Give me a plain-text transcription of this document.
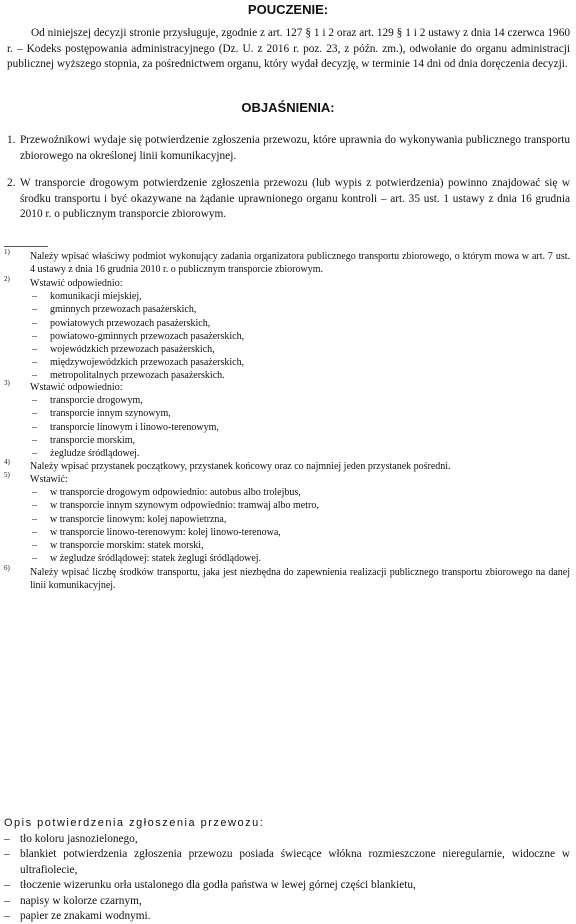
POUCZENIE:
Od niniejszej decyzji stronie przysługuje, zgodnie z art. 127 § 1 i 2 oraz art. 129 § 1 i 2 ustawy z dnia 14 czerwca 1960 r. – Kodeks postępowania administracyjnego (Dz. U. z 2016 r. poz. 23, z późn. zm.), odwołanie do organu administracji publicznej wyższego stopnia, za pośrednictwem organu, który wydał decyzję, w terminie 14 dni od dnia doręczenia decyzji.
OBJAŚNIENIA:
1. Przewoźnikowi wydaje się potwierdzenie zgłoszenia przewozu, które uprawnia do wykonywania publicznego transportu zbiorowego na określonej linii komunikacyjnej.
2. W transporcie drogowym potwierdzenie zgłoszenia przewozu (lub wypis z potwierdzenia) powinno znajdować się w środku transportu i być okazywane na żądanie uprawnionego organu kontroli – art. 35 ust. 1 ustawy z dnia 16 grudnia 2010 r. o publicznym transporcie zbiorowym.
1) Należy wpisać właściwy podmiot wykonujący zadania organizatora publicznego transportu zbiorowego, o którym mowa w art. 7 ust. 4 ustawy z dnia 16 grudnia 2010 r. o publicznym transporcie zbiorowym.
2) Wstawić odpowiednio:
– komunikacji miejskiej,
– gminnych przewozach pasażerskich,
– powiatowych przewozach pasażerskich,
– powiatowo-gminnych przewozach pasażerskich,
– wojewódzkich przewozach pasażerskich,
– międzywojewódzkich przewozach pasażerskich,
– metropolitalnych przewozach pasażerskich.
3) Wstawić odpowiednio:
– transporcie drogowym,
– transporcie innym szynowym,
– transporcie linowym i linowo-terenowym,
– transporcie morskim,
– żegludze śródlądowej.
4) Należy wpisać przystanek początkowy, przystanek końcowy oraz co najmniej jeden przystanek pośredni.
5) Wstawić:
– w transporcie drogowym odpowiednio: autobus albo trolejbus,
– w transporcie innym szynowym odpowiednio: tramwaj albo metro,
– w transporcie linowym: kolej napowietrzna,
– w transporcie linowo-terenowym: kolej linowo-terenowa,
– w transporcie morskim: statek morski,
– w żegludze śródlądowej: statek żeglugi śródlądowej.
6) Należy wpisać liczbę środków transportu, jaka jest niezbędna do zapewnienia realizacji publicznego transportu zbiorowego na danej linii komunikacyjnej.
Opis potwierdzenia zgłoszenia przewozu:
– tło koloru jasnozielonego,
– blankiet potwierdzenia zgłoszenia przewozu posiada świecące włókna rozmieszczone nieregularnie, widoczne w ultrafiolecie,
– tłoczenie wizerunku orła ustalonego dla godła państwa w lewej górnej części blankietu,
– napisy w kolorze czarnym,
– papier ze znakami wodnymi.
